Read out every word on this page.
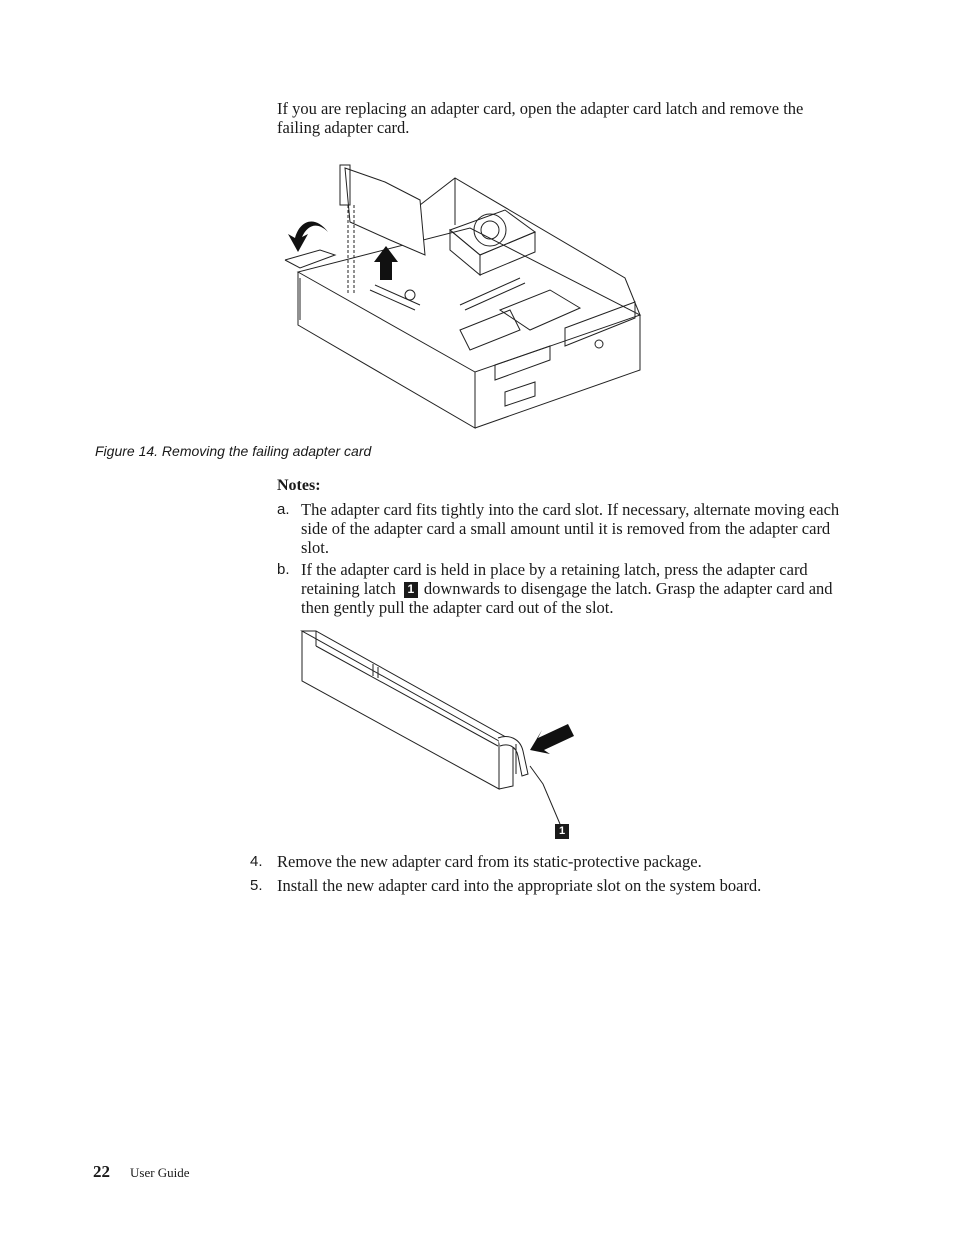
If you are replacing an adapter card, open the adapter card latch and remove the failing adapter card.

Figure 14. Removing the failing adapter card
Notes:
a. The adapter card fits tightly into the card slot. If necessary, alternate moving each side of the adapter card a small amount until it is removed from the adapter card slot.
b. If the adapter card is held in place by a retaining latch, press the adapter card retaining latch 1 downwards to disengage the latch. Grasp the adapter card and then gently pull the adapter card out of the slot.
1
4. Remove the new adapter card from its static-protective package.
5. Install the new adapter card into the appropriate slot on the system board.
22 User Guide
